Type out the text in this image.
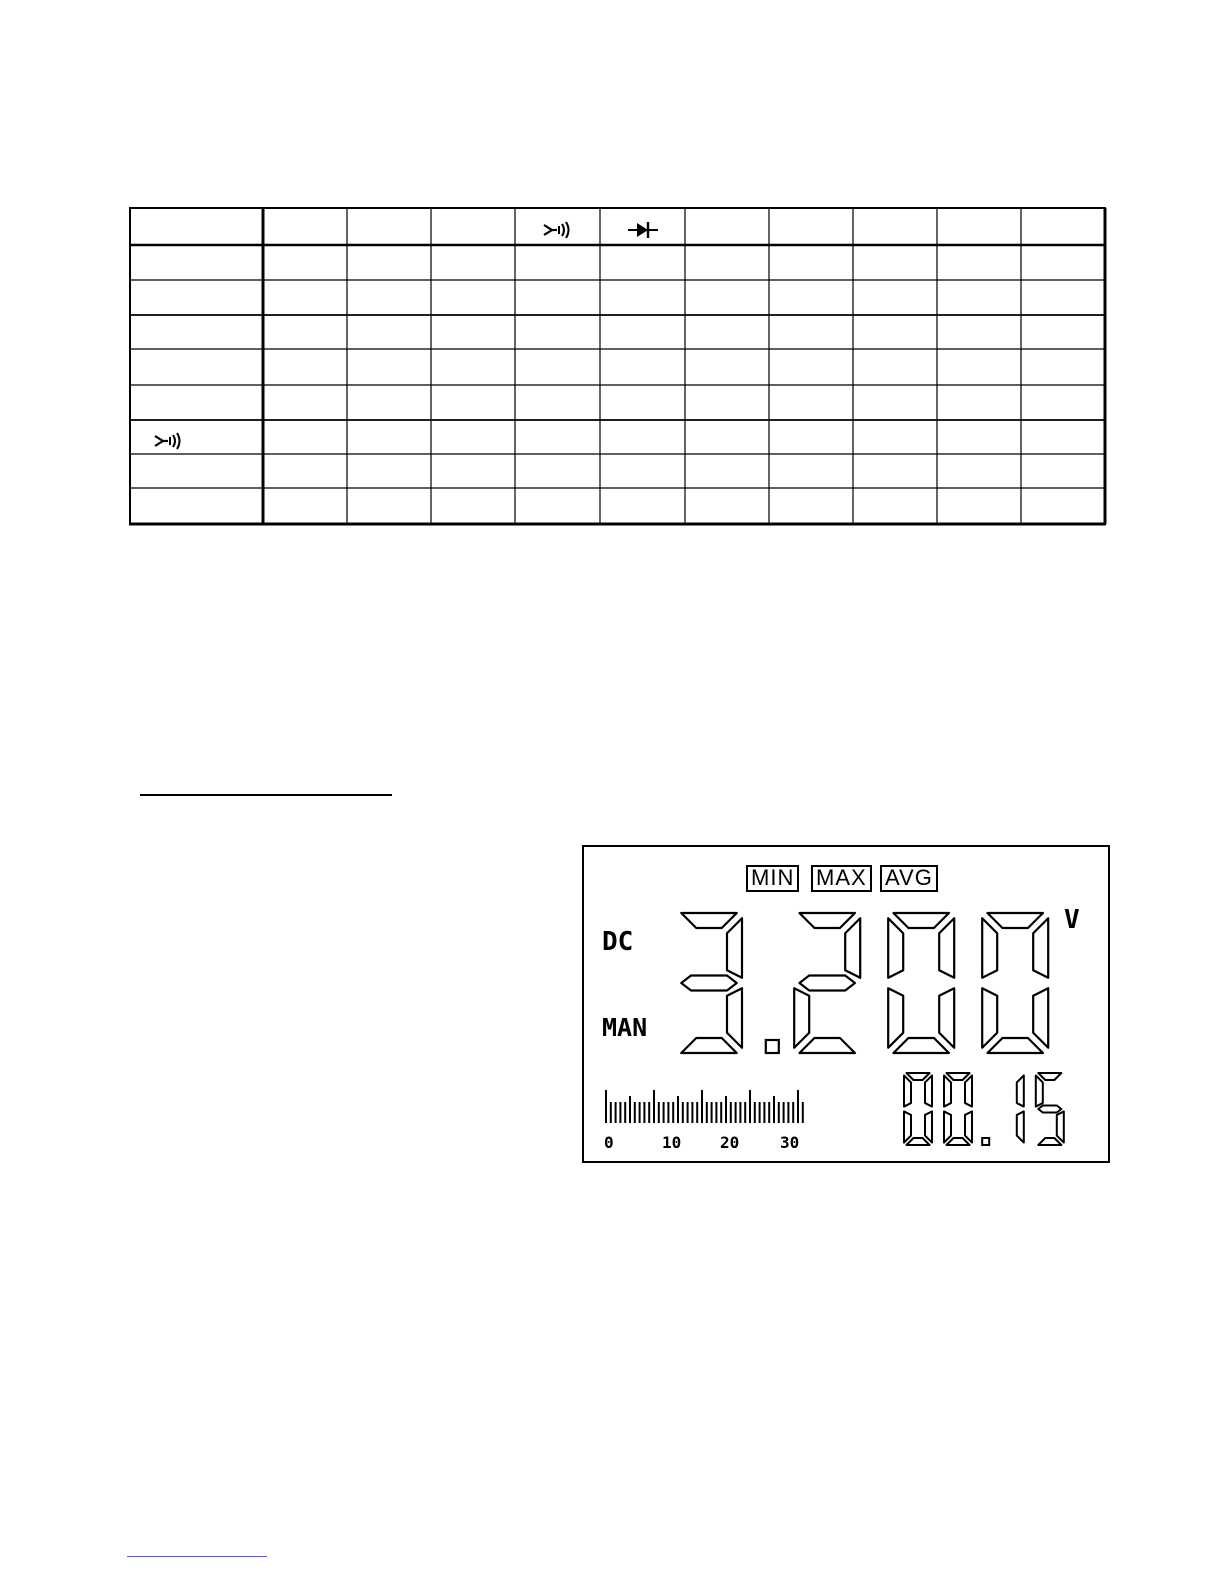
MIN MAX AVG
DC
MAN
V
0	10 20	30
